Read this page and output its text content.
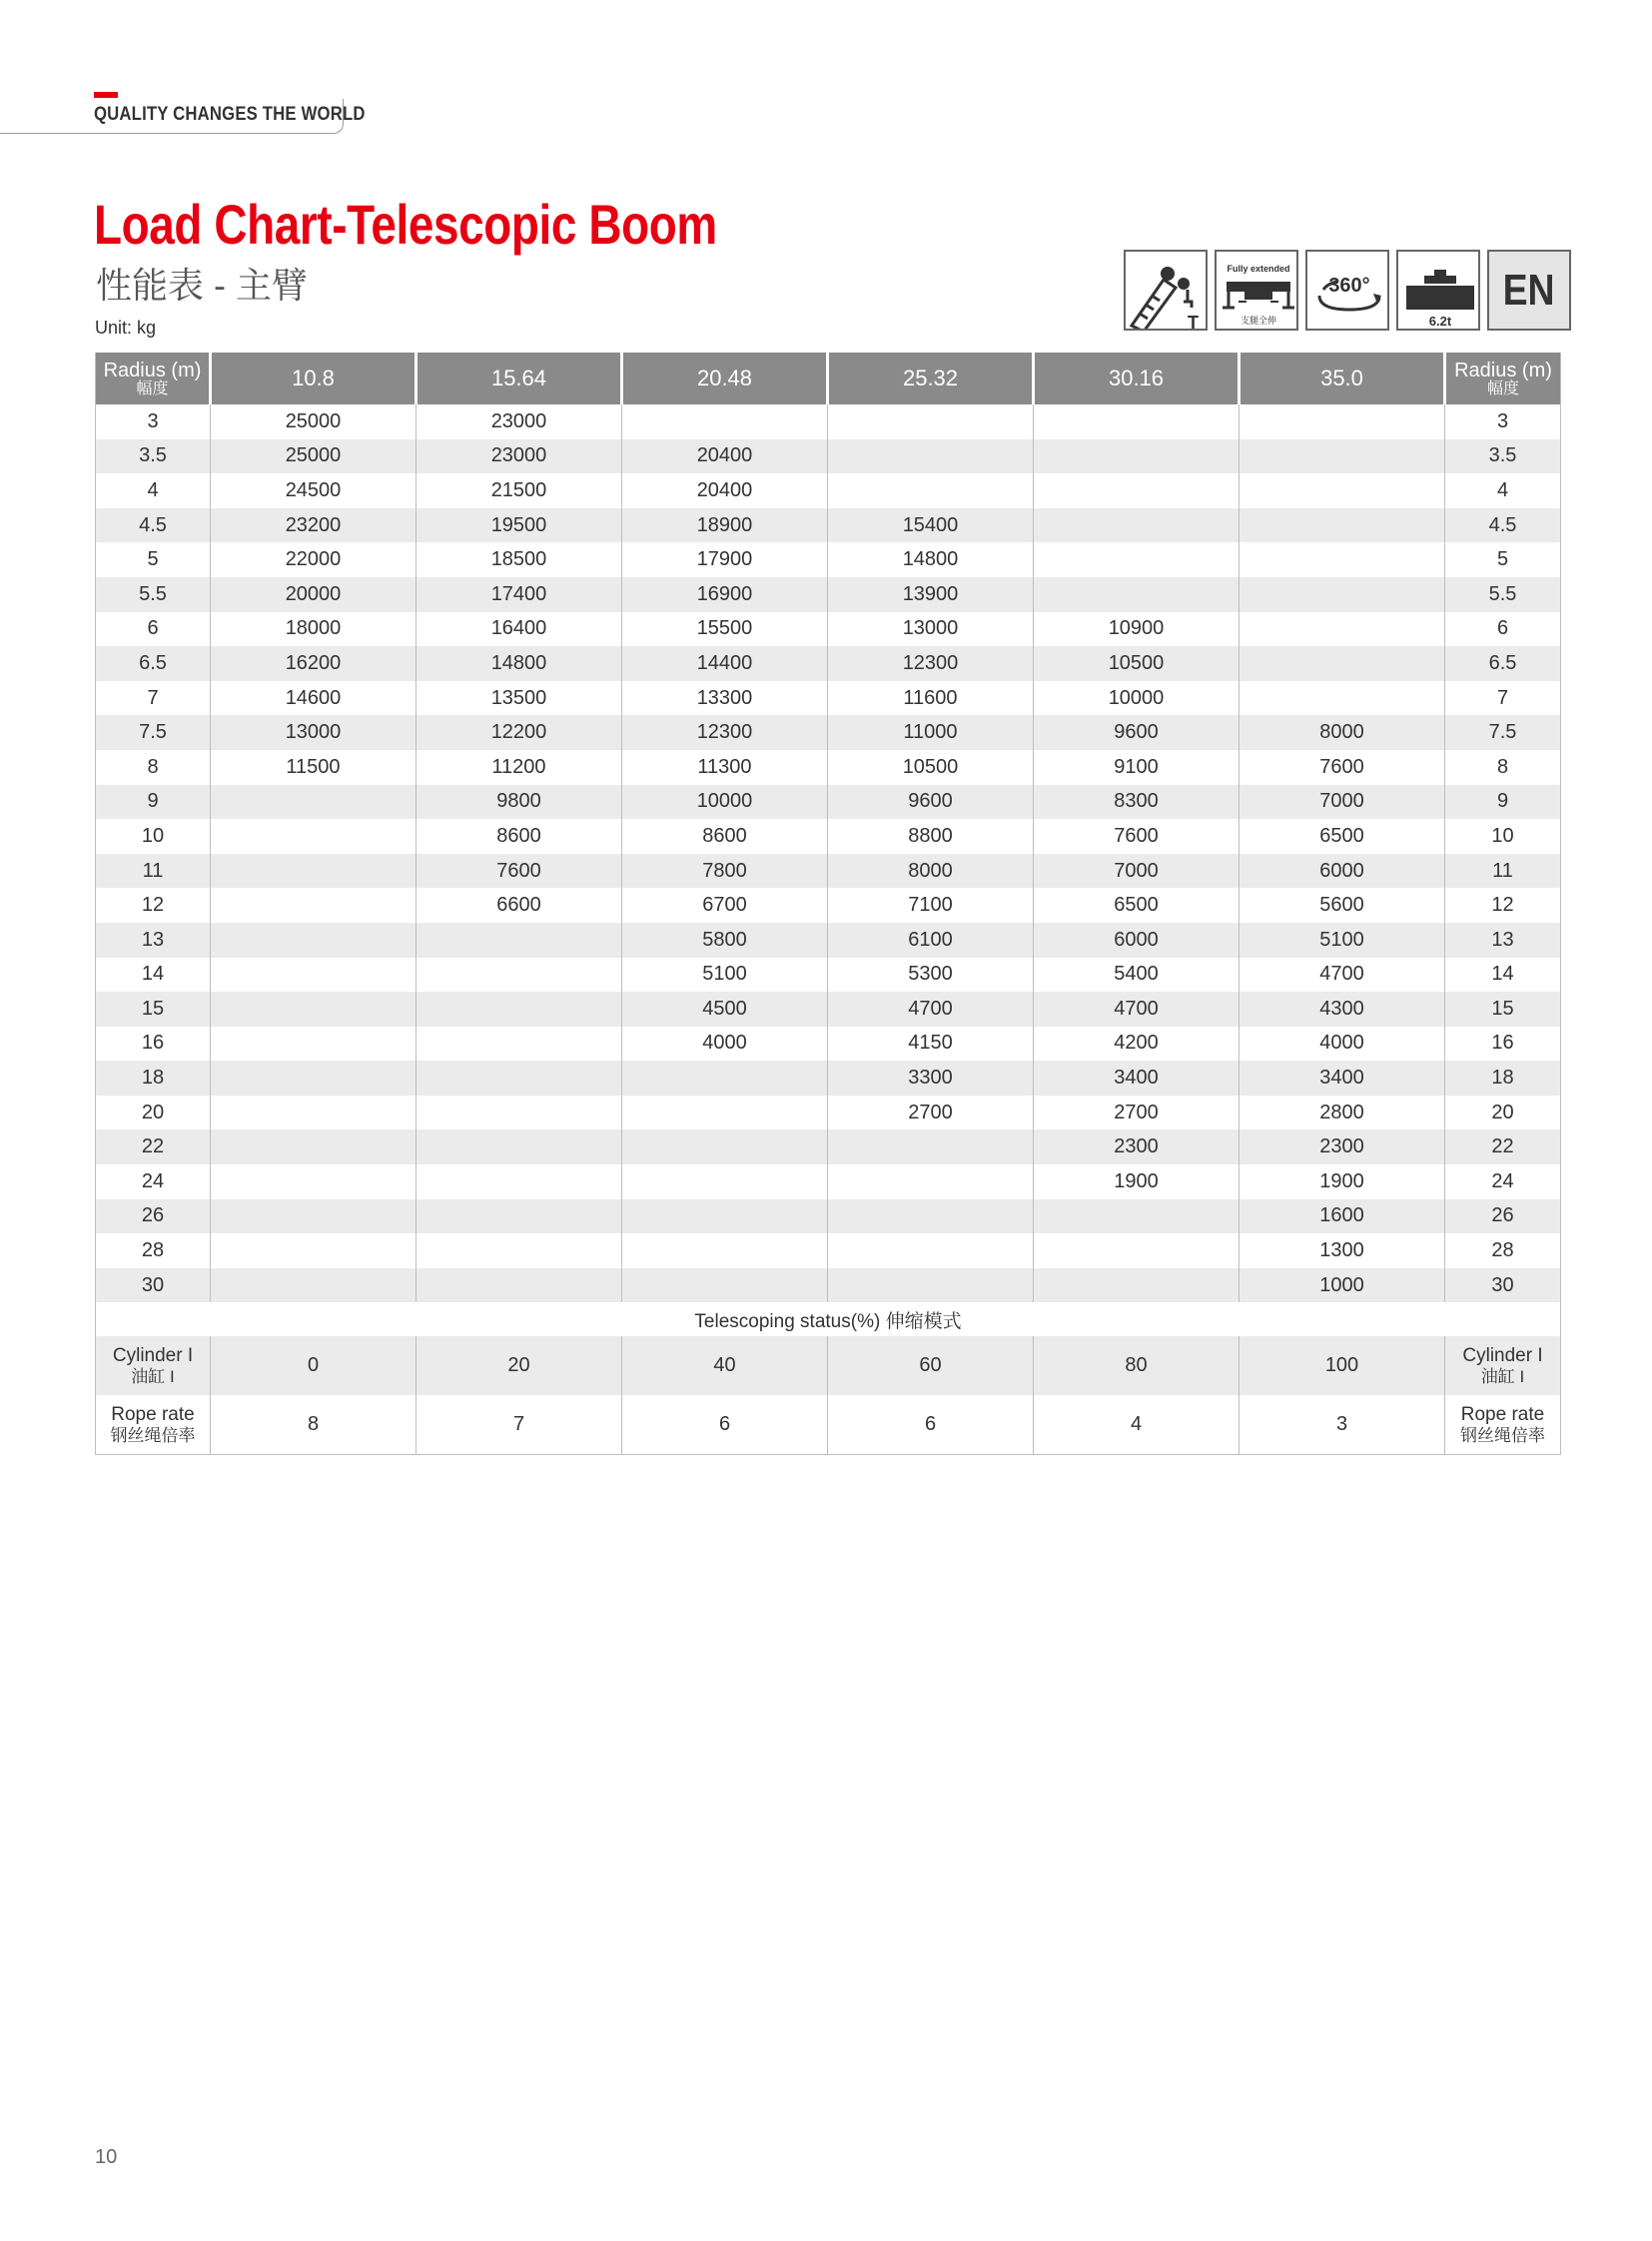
QUALITY CHANGES THE WORLD
Load Chart-Telescopic Boom
性能表 - 主臂
Unit: kg	T
Fully extended
支腿全伸
360°
6.2t
EN
Radius (m)
幅度	10.8	15.64	20.48	25.32	30.16	35.0	Radius (m)
幅度

3	25000	23000					3
3.5	25000	23000	20400				3.5
4	24500	21500	20400				4
4.5	23200	19500	18900	15400			4.5
5	22000	18500	17900	14800			5
5.5	20000	17400	16900	13900			5.5
6	18000	16400	15500	13000	10900		6
6.5	16200	14800	14400	12300	10500		6.5
7	14600	13500	13300	11600	10000		7
7.5	13000	12200	12300	11000	9600	8000	7.5
8	11500	11200	11300	10500	9100	7600	8
9		9800	10000	9600	8300	7000	9
10		8600	8600	8800	7600	6500	10
11		7600	7800	8000	7000	6000	11
12		6600	6700	7100	6500	5600	12
13			5800	6100	6000	5100	13
14			5100	5300	5400	4700	14
15			4500	4700	4700	4300	15
16			4000	4150	4200	4000	16
18				3300	3400	3400	18
20				2700	2700	2800	20
22					2300	2300	22
24					1900	1900	24
26						1600	26
28						1300	28
30						1000	30
Telescoping status(%) 伸缩模式							

Cylinder I
油缸 I	0	20	40	60	80	100	Cylinder I
油缸 I

Rope rate
钢丝绳倍率	8	7	6	6	4	3	Rope rate
钢丝绳倍率
10
